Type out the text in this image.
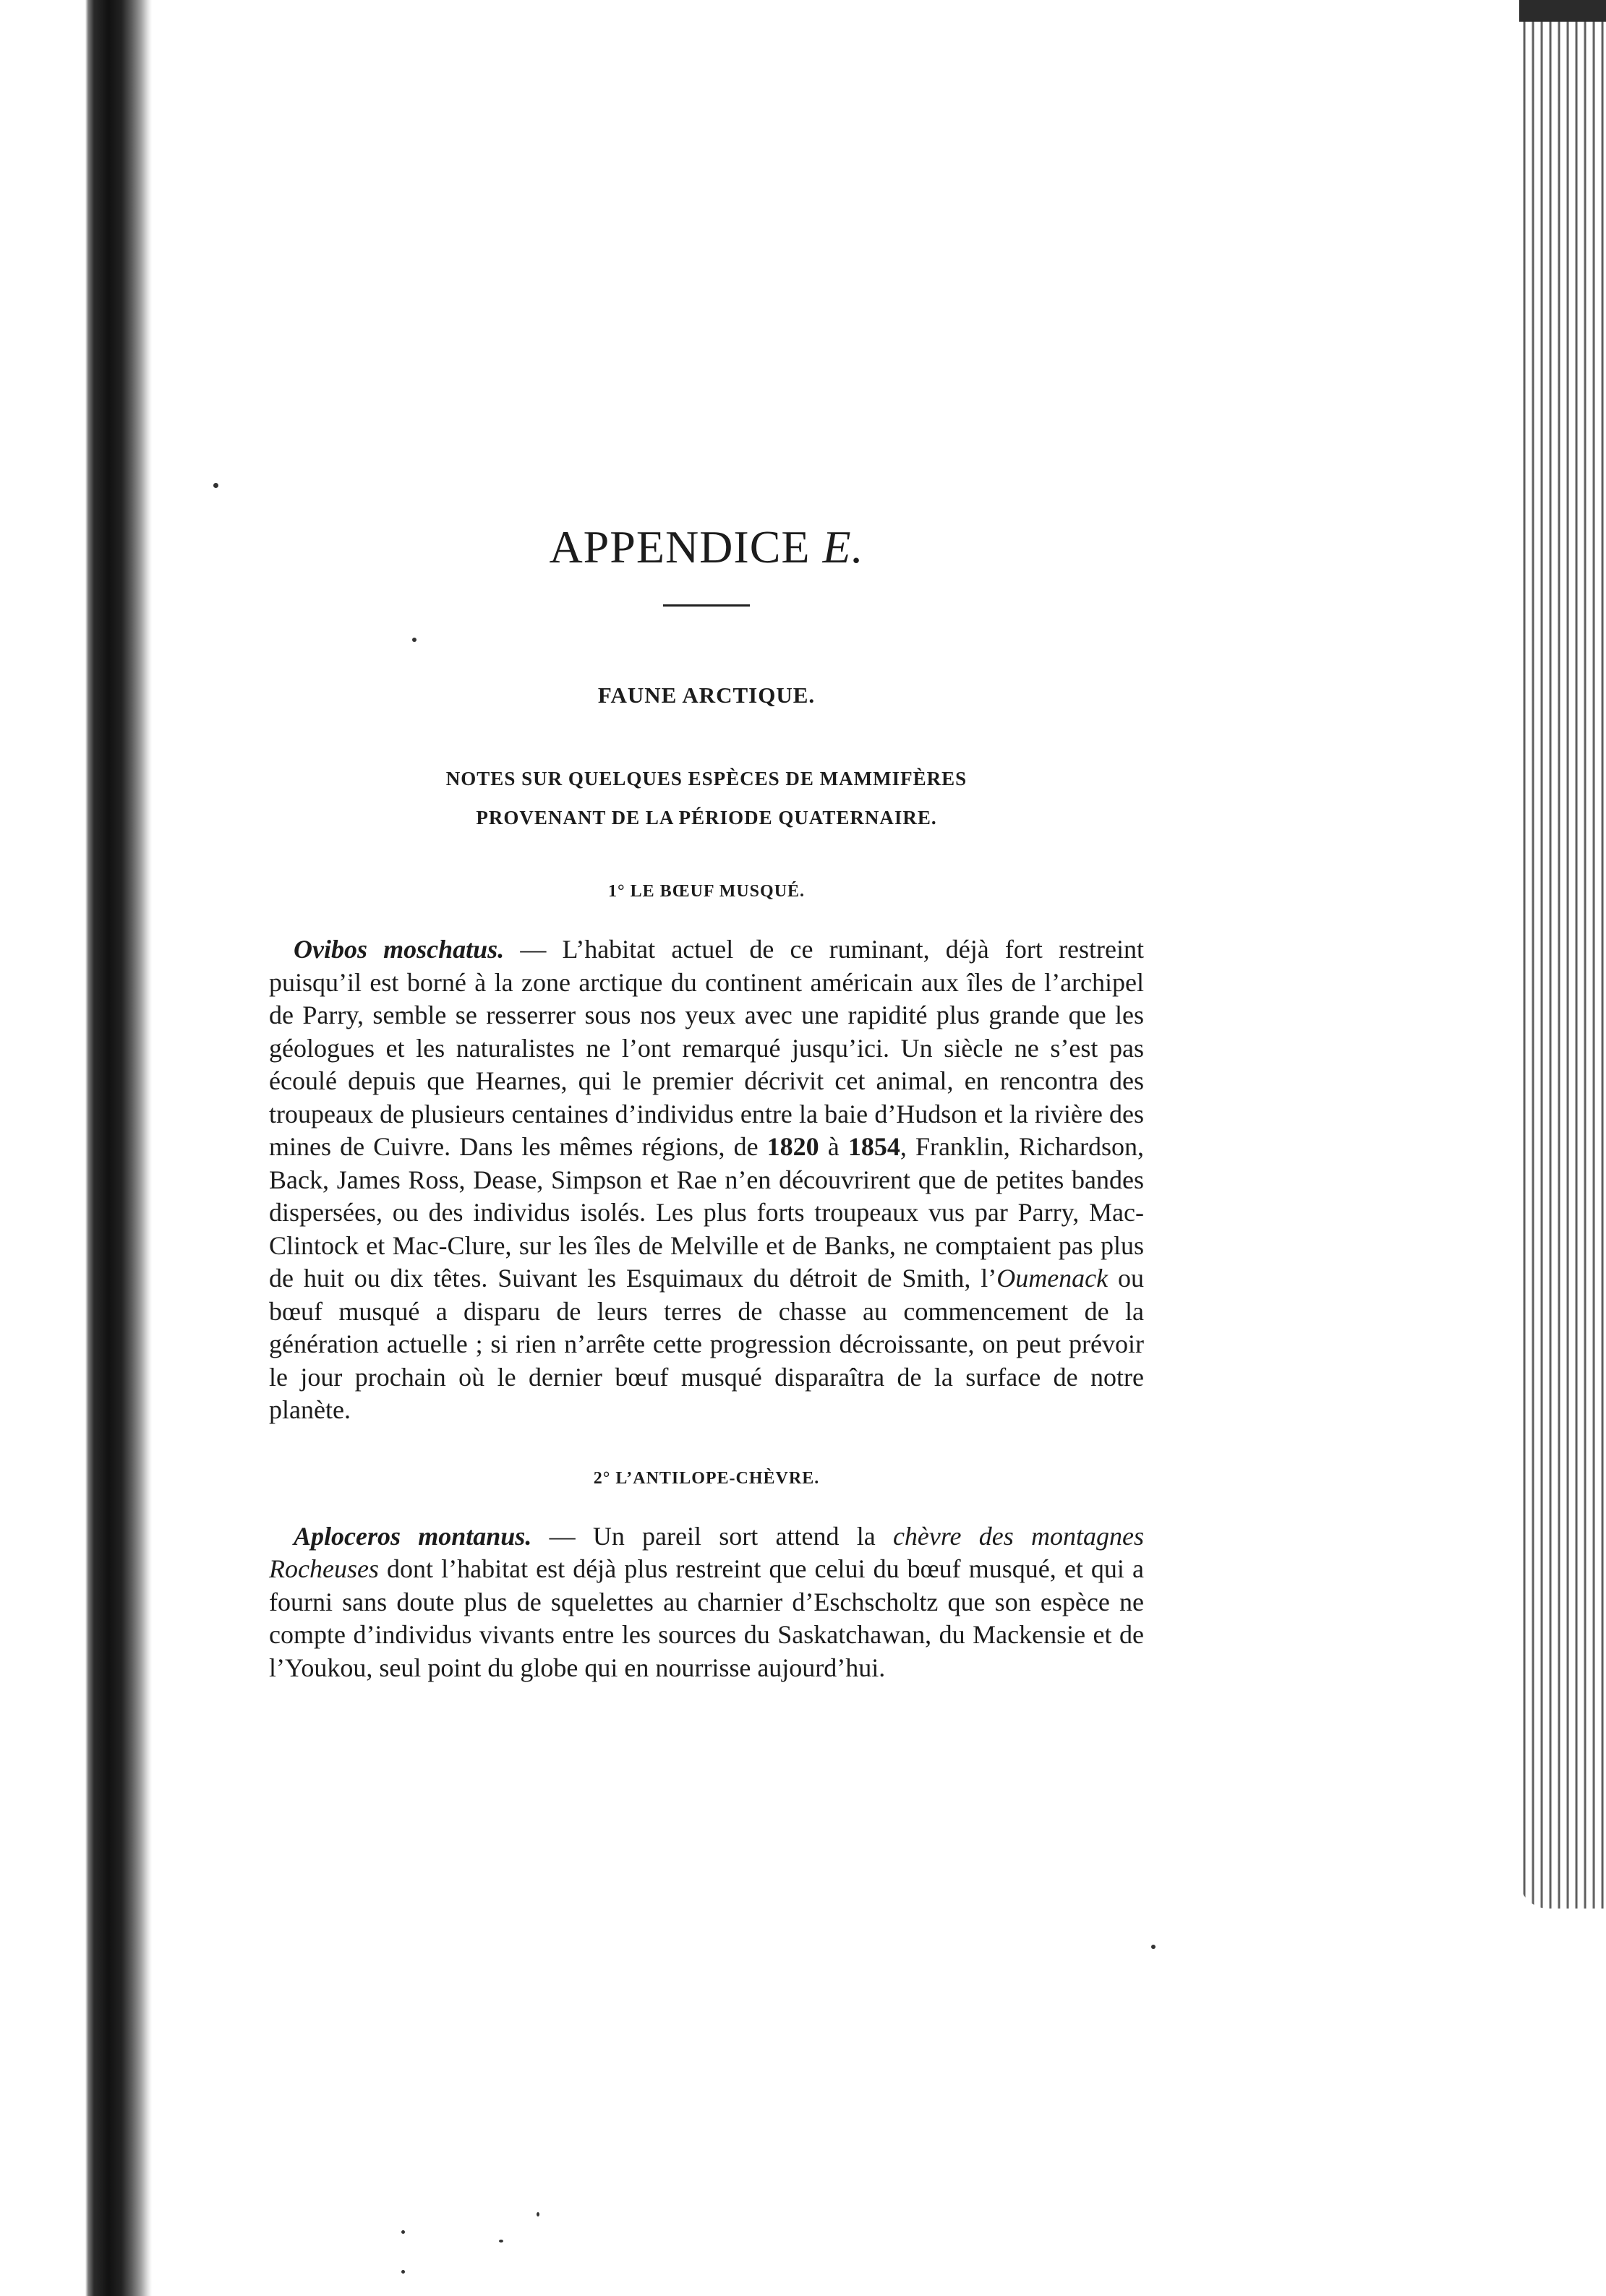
APPENDICE E.
FAUNE ARCTIQUE.
NOTES SUR QUELQUES ESPÈCES DE MAMMIFÈRES
PROVENANT DE LA PÉRIODE QUATERNAIRE.
1° LE BŒUF MUSQUÉ.

Ovibos moschatus. — L’habitat actuel de ce ruminant, déjà fort restreint puisqu’il est borné à la zone arctique du continent américain aux îles de l’archipel de Parry, semble se resserrer sous nos yeux avec une rapidité plus grande que les géologues et les naturalistes ne l’ont remarqué jusqu’ici. Un siècle ne s’est pas écoulé depuis que Hearnes, qui le premier décrivit cet animal, en rencontra des troupeaux de plusieurs centaines d’individus entre la baie d’Hudson et la rivière des mines de Cuivre. Dans les mêmes régions, de 1820 à 1854, Franklin, Richardson, Back, James Ross, Dease, Simpson et Rae n’en découvrirent que de petites bandes dispersées, ou des individus isolés. Les plus forts troupeaux vus par Parry, Mac-Clintock et Mac-Clure, sur les îles de Melville et de Banks, ne comptaient pas plus de huit ou dix têtes. Suivant les Esquimaux du détroit de Smith, l’Oumenack ou bœuf musqué a disparu de leurs terres de chasse au commencement de la génération actuelle ; si rien n’arrête cette progression décroissante, on peut prévoir le jour prochain où le dernier bœuf musqué disparaîtra de la surface de notre planète.

2° L’ANTILOPE-CHÈVRE.

Aploceros montanus. — Un pareil sort attend la chèvre des montagnes Rocheuses dont l’habitat est déjà plus restreint que celui du bœuf musqué, et qui a fourni sans doute plus de squelettes au charnier d’Eschscholtz que son espèce ne compte d’individus vivants entre les sources du Saskatchawan, du Mackensie et de l’Youkou, seul point du globe qui en nourrisse aujourd’hui.
